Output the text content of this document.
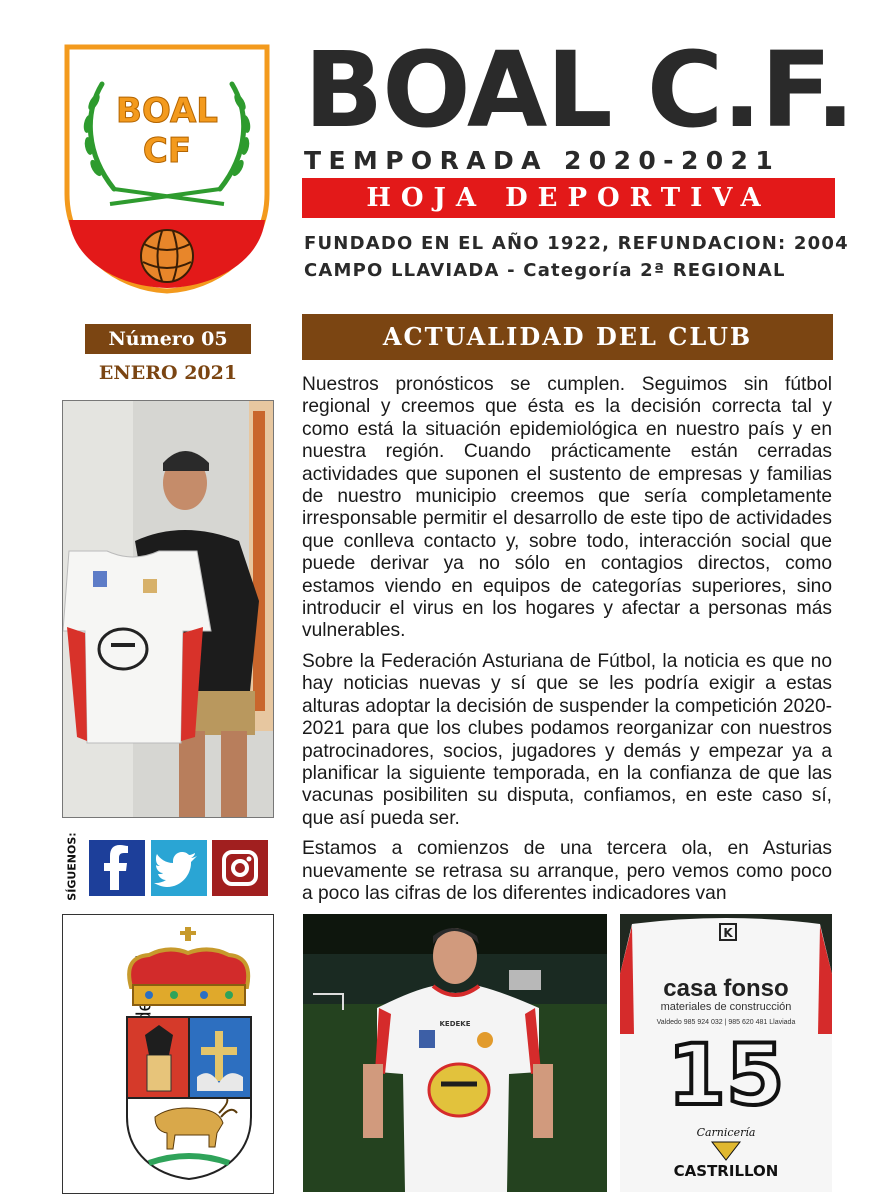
BOAL
CF BOAL C.F.
TEMPORADA 2020-2021
HOJA DEPORTIVA
FUNDADO EN EL AÑO 1922, REFUNDACION: 2004
CAMPO LLAVIADA - Categoría 2ª REGIONAL
Número 05
ENERO 2021
ACTUALIDAD DEL CLUB

Nuestros pronósticos se cumplen. Seguimos sin fútbol regional y creemos que ésta es la decisión correcta tal y como está la situación epidemiológica en nuestro país y en nuestra región. Cuando prácticamente están cerradas actividades que suponen el sustento de empresas y familias de nuestro municipio creemos que sería completamente irresponsable permitir el desarrollo de este tipo de actividades que conlleva contacto y, sobre todo, interacción social que puede derivar ya no sólo en contagios directos, como estamos viendo en equipos de categorías superiores, sino introducir el virus en los hogares y afectar a personas más vulnerables.

Sobre la Federación Asturiana de Fútbol, la noticia es que no hay noticias nuevas y sí que se les podría exigir a estas alturas adoptar la decisión de suspender la competición 2020-2021 para que los clubes podamos reorganizar con nuestros patrocinadores, socios, jugadores y demás y empezar ya a planificar la siguiente temporada, en la confianza de que las vacunas posibiliten su disputa, confiamos, en este caso sí, que así pueda ser.

Estamos a comienzos de una tercera ola, en Asturias nuevamente se retrasa su arranque, pero vemos como poco a poco las cifras de los diferentes indicadores van

SÍGUENOS:
KEDEKE
K
casa fonso
materiales de construcción
Valdedo 985 924 032 | 985 620 481 Llaviada
15
Carnicería
CASTRILLON
